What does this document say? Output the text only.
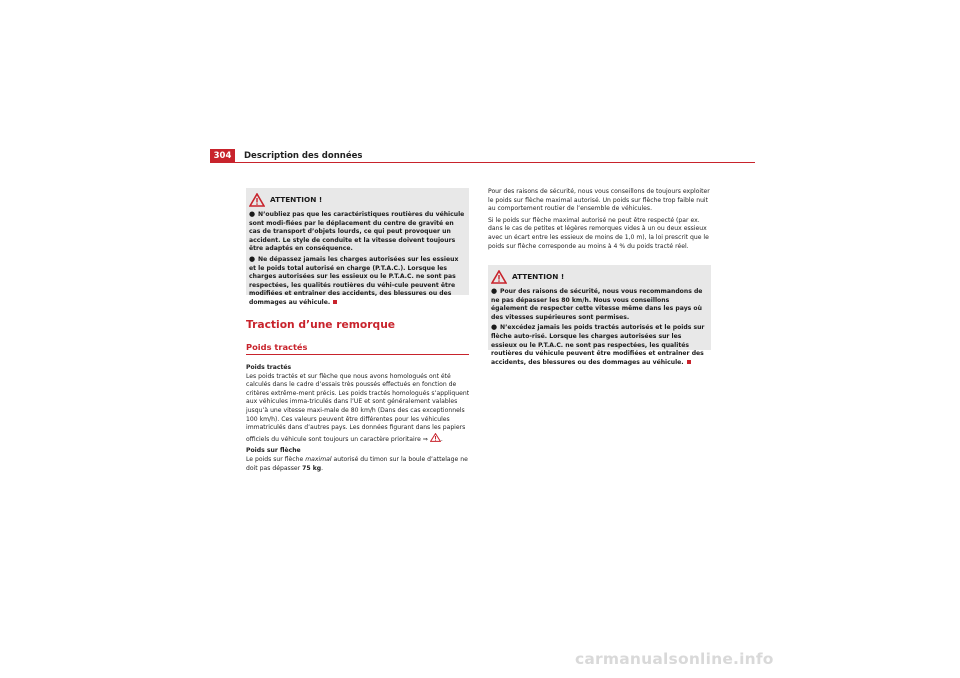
304	Description des données
ATTENTION !

● N’oubliez pas que les caractéristiques routières du véhicule sont modi-fiées par le déplacement du centre de gravité en cas de transport d’objets lourds, ce qui peut provoquer un accident. Le style de conduite et la vitesse doivent toujours être adaptés en conséquence.

● Ne dépassez jamais les charges autorisées sur les essieux et le poids total autorisé en charge (P.T.A.C.). Lorsque les charges autorisées sur les essieux ou le P.T.A.C. ne sont pas respectées, les qualités routières du véhi-cule peuvent être modifiées et entraîner des accidents, des blessures ou des dommages au véhicule.

Traction d’une remorque
Poids tractés

Poids tractés
Les poids tractés et sur flèche que nous avons homologués ont été calculés dans le cadre d’essais très poussés effectués en fonction de critères extrême-ment précis. Les poids tractés homologués s’appliquent aux véhicules imma-triculés dans l’UE et sont généralement valables jusqu’à une vitesse maxi-male de 80 km/h (Dans des cas exceptionnels 100 km/h). Ces valeurs peuvent être différentes pour les véhicules immatriculés dans d’autres pays. Les données figurant dans les papiers officiels du véhicule sont toujours un caractère prioritaire ⇒ .

Poids sur flèche
Le poids sur flèche maximal autorisé du timon sur la boule d’attelage ne doit pas dépasser 75 kg.

Pour des raisons de sécurité, nous vous conseillons de toujours exploiter le poids sur flèche maximal autorisé. Un poids sur flèche trop faible nuit au comportement routier de l’ensemble de véhicules.

Si le poids sur flèche maximal autorisé ne peut être respecté (par ex. dans le cas de petites et légères remorques vides à un ou deux essieux avec un écart entre les essieux de moins de 1,0 m), la loi prescrit que le poids sur flèche corresponde au moins à 4 % du poids tracté réel.

ATTENTION !

● Pour des raisons de sécurité, nous vous recommandons de ne pas dépasser les 80 km/h. Nous vous conseillons également de respecter cette vitesse même dans les pays où des vitesses supérieures sont permises.

● N’excédez jamais les poids tractés autorisés et le poids sur flèche auto-risé. Lorsque les charges autorisées sur les essieux ou le P.T.A.C. ne sont pas respectées, les qualités routières du véhicule peuvent être modifiées et entraîner des accidents, des blessures ou des dommages au véhicule.

carmanualsonline.info
